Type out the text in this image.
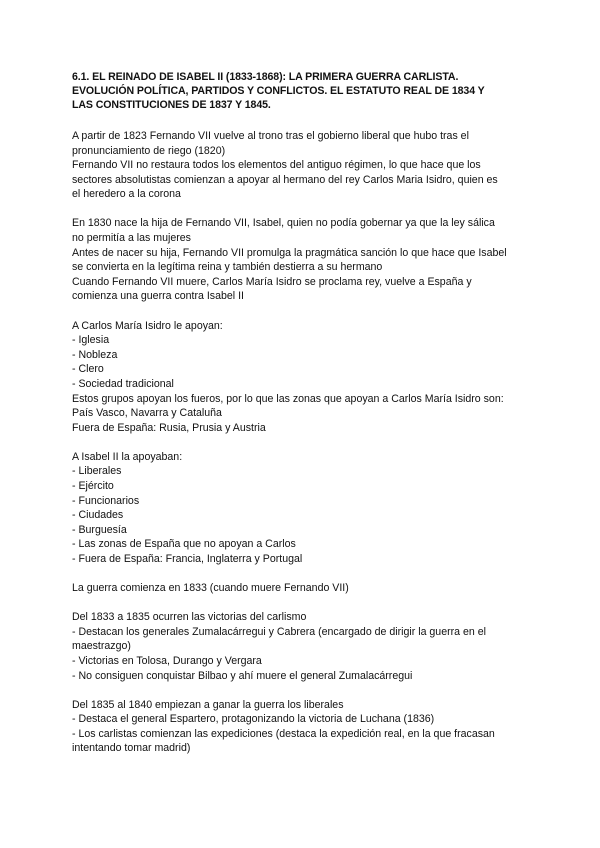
6.1. EL REINADO DE ISABEL II (1833-1868): LA PRIMERA GUERRA CARLISTA.
EVOLUCIÓN POLÍTICA, PARTIDOS Y CONFLICTOS. EL ESTATUTO REAL DE 1834 Y
LAS CONSTITUCIONES DE 1837 Y 1845.
A partir de 1823 Fernando VII vuelve al trono tras el gobierno liberal que hubo tras el
pronunciamiento de riego (1820)
Fernando VII no restaura todos los elementos del antiguo régimen, lo que hace que los
sectores absolutistas comienzan a apoyar al hermano del rey Carlos Maria Isidro, quien es
el heredero a la corona
En 1830 nace la hija de Fernando VII, Isabel, quien no podía gobernar ya que la ley sálica
no permitía a las mujeres
Antes de nacer su hija, Fernando VII promulga la pragmática sanción lo que hace que Isabel
se convierta en la legítima reina y también destierra a su hermano
Cuando Fernando VII muere, Carlos María Isidro se proclama rey, vuelve a España y
comienza una guerra contra Isabel II
A Carlos María Isidro le apoyan:
- Iglesia
- Nobleza
- Clero
- Sociedad tradicional
Estos grupos apoyan los fueros, por lo que las zonas que apoyan a Carlos María Isidro son:
País Vasco, Navarra y Cataluña
Fuera de España: Rusia, Prusia y Austria
A Isabel II la apoyaban:
- Liberales
- Ejército
- Funcionarios
- Ciudades
- Burguesía
- Las zonas de España que no apoyan a Carlos
- Fuera de España: Francia, Inglaterra y Portugal
La guerra comienza en 1833 (cuando muere Fernando VII)
Del 1833 a 1835 ocurren las victorias del carlismo
- Destacan los generales Zumalacárregui y Cabrera (encargado de dirigir la guerra en el
maestrazgo)
- Victorias en Tolosa, Durango y Vergara
- No consiguen conquistar Bilbao y ahí muere el general Zumalacárregui
Del 1835 al 1840 empiezan a ganar la guerra los liberales
- Destaca el general Espartero, protagonizando la victoria de Luchana (1836)
- Los carlistas comienzan las expediciones (destaca la expedición real, en la que fracasan
intentando tomar madrid)
